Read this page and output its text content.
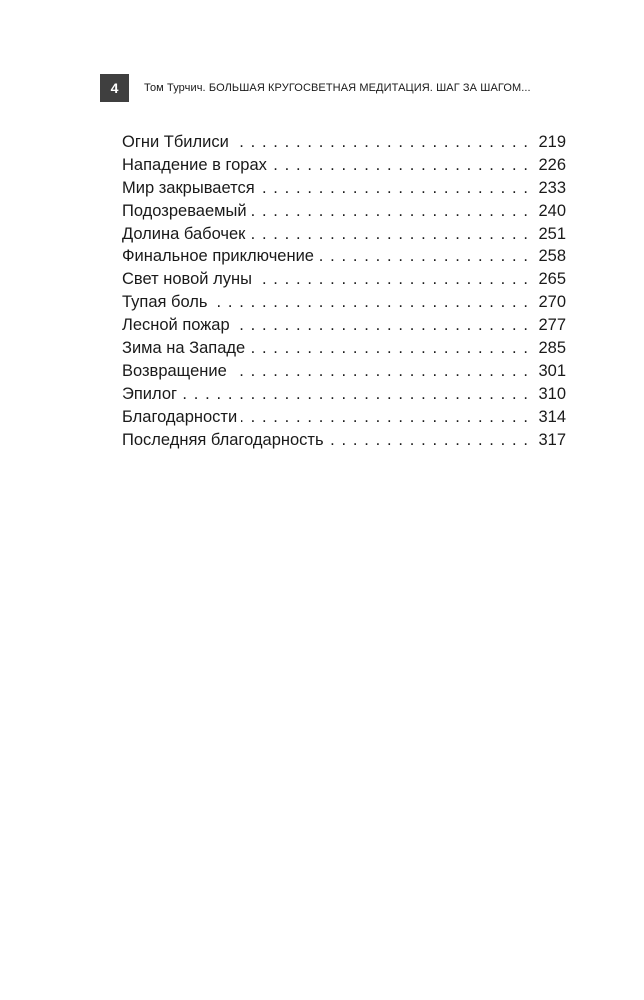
4	Том Турчич. БОЛЬШАЯ КРУГОСВЕТНАЯ МЕДИТАЦИЯ. ШАГ ЗА ШАГОМ...
Огни Тбилиси . . .	219
Нападение в горах . . .	226
Мир закрывается . . .	233
Подозреваемый . . .	240
Долина бабочек . . .	251
Финальное приключение . . .	258
Свет новой луны . . .	265
Тупая боль . . .	270
Лесной пожар . . .	277
Зима на Западе . . .	285
Возвращение . . .	301
Эпилог . . .	310
Благодарности . . .	314
Последняя благодарность . . .	317
